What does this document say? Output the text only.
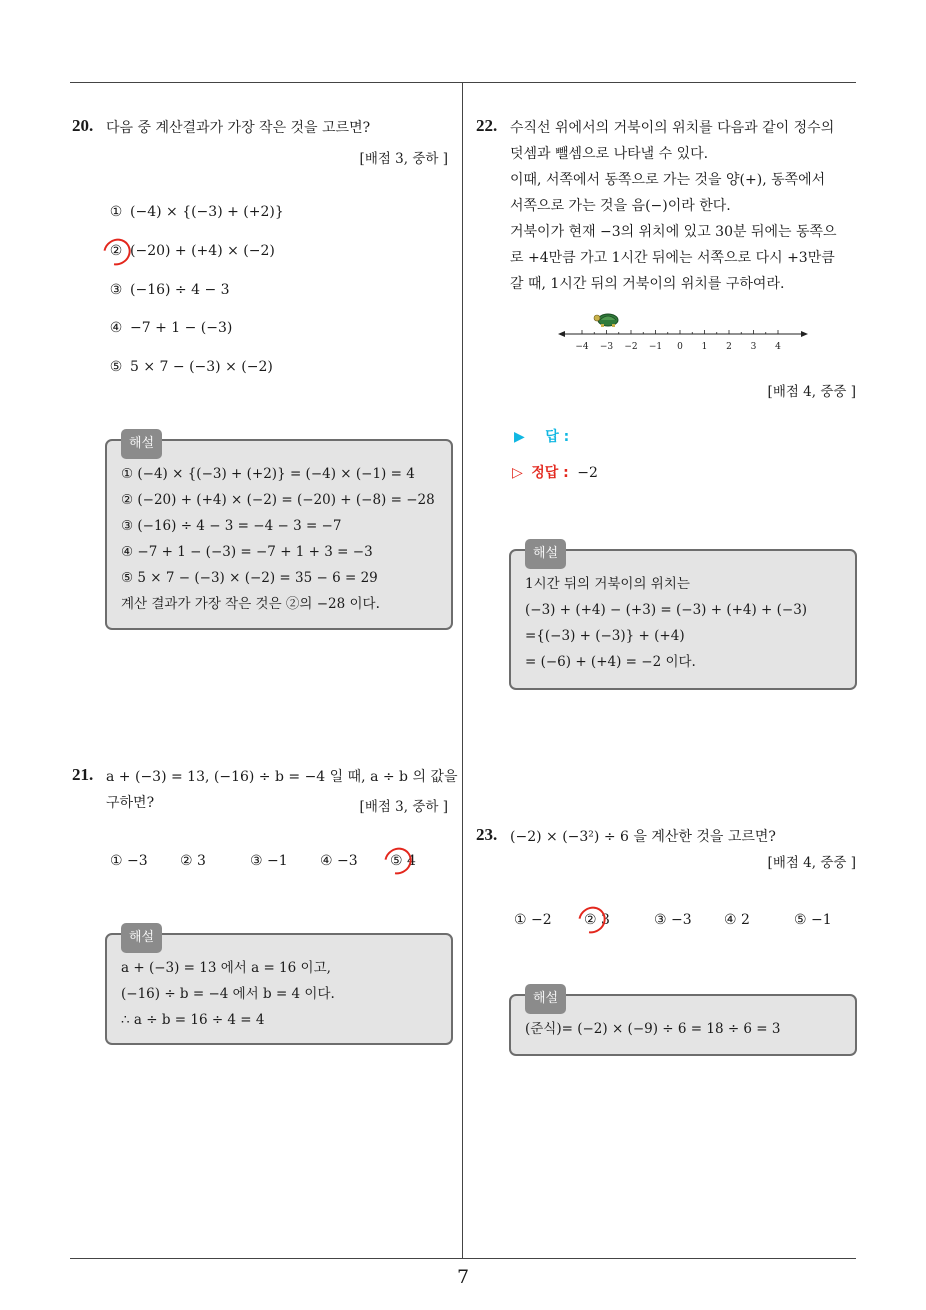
7
20. 다음 중 계산결과가 가장 작은 것을 고르면?
[배점 3, 중하 ]
① (−4) × {(−3) + (+2)}
② (−20) + (+4) × (−2)
③ (−16) ÷ 4 − 3
④ −7 + 1 − (−3)
⑤ 5 × 7 − (−3) × (−2)
해설
① (−4) × {(−3) + (+2)} = (−4) × (−1) = 4
② (−20) + (+4) × (−2) = (−20) + (−8) = −28
③ (−16) ÷ 4 − 3 = −4 − 3 = −7
④ −7 + 1 − (−3) = −7 + 1 + 3 = −3
⑤ 5 × 7 − (−3) × (−2) = 35 − 6 = 29
계산 결과가 가장 작은 것은 ②의 −28 이다.
21. a + (−3) = 13, (−16) ÷ b = −4 일 때, a ÷ b 의 값을
구하면?	[배점 3, 중하 ]
① −3 ② 3	③ −1 ④ −3 ⑤ 4
해설
a + (−3) = 13 에서 a = 16 이고,
(−16) ÷ b = −4 에서 b = 4 이다.
∴ a ÷ b = 16 ÷ 4 = 4
22. 수직선 위에서의 거북이의 위치를 다음과 같이 정수의
덧셈과 뺄셈으로 나타낼 수 있다.
이때, 서쪽에서 동쪽으로 가는 것을 양(+), 동쪽에서
서쪽으로 가는 것을 음(−)이라 한다.
거북이가 현재 −3의 위치에 있고 30분 뒤에는 동쪽으
로 +4만큼 가고 1시간 뒤에는 서쪽으로 다시 +3만큼
갈 때, 1시간 뒤의 거북이의 위치를 구하여라.
−4 −3 −2 −1 0 1 2 3 4
[배점 4, 중중 ]
▶ 답 :
▷ 정답 : −2
해설
1시간 뒤의 거북이의 위치는
(−3) + (+4) − (+3) = (−3) + (+4) + (−3)
={(−3) + (−3)} + (+4)
= (−6) + (+4) = −2 이다.
23. (−2) × (−3²) ÷ 6 을 계산한 것을 고르면?
[배점 4, 중중 ]
① −2 ② 3	③ −3 ④ 2	⑤ −1
해설
(준식)= (−2) × (−9) ÷ 6 = 18 ÷ 6 = 3
